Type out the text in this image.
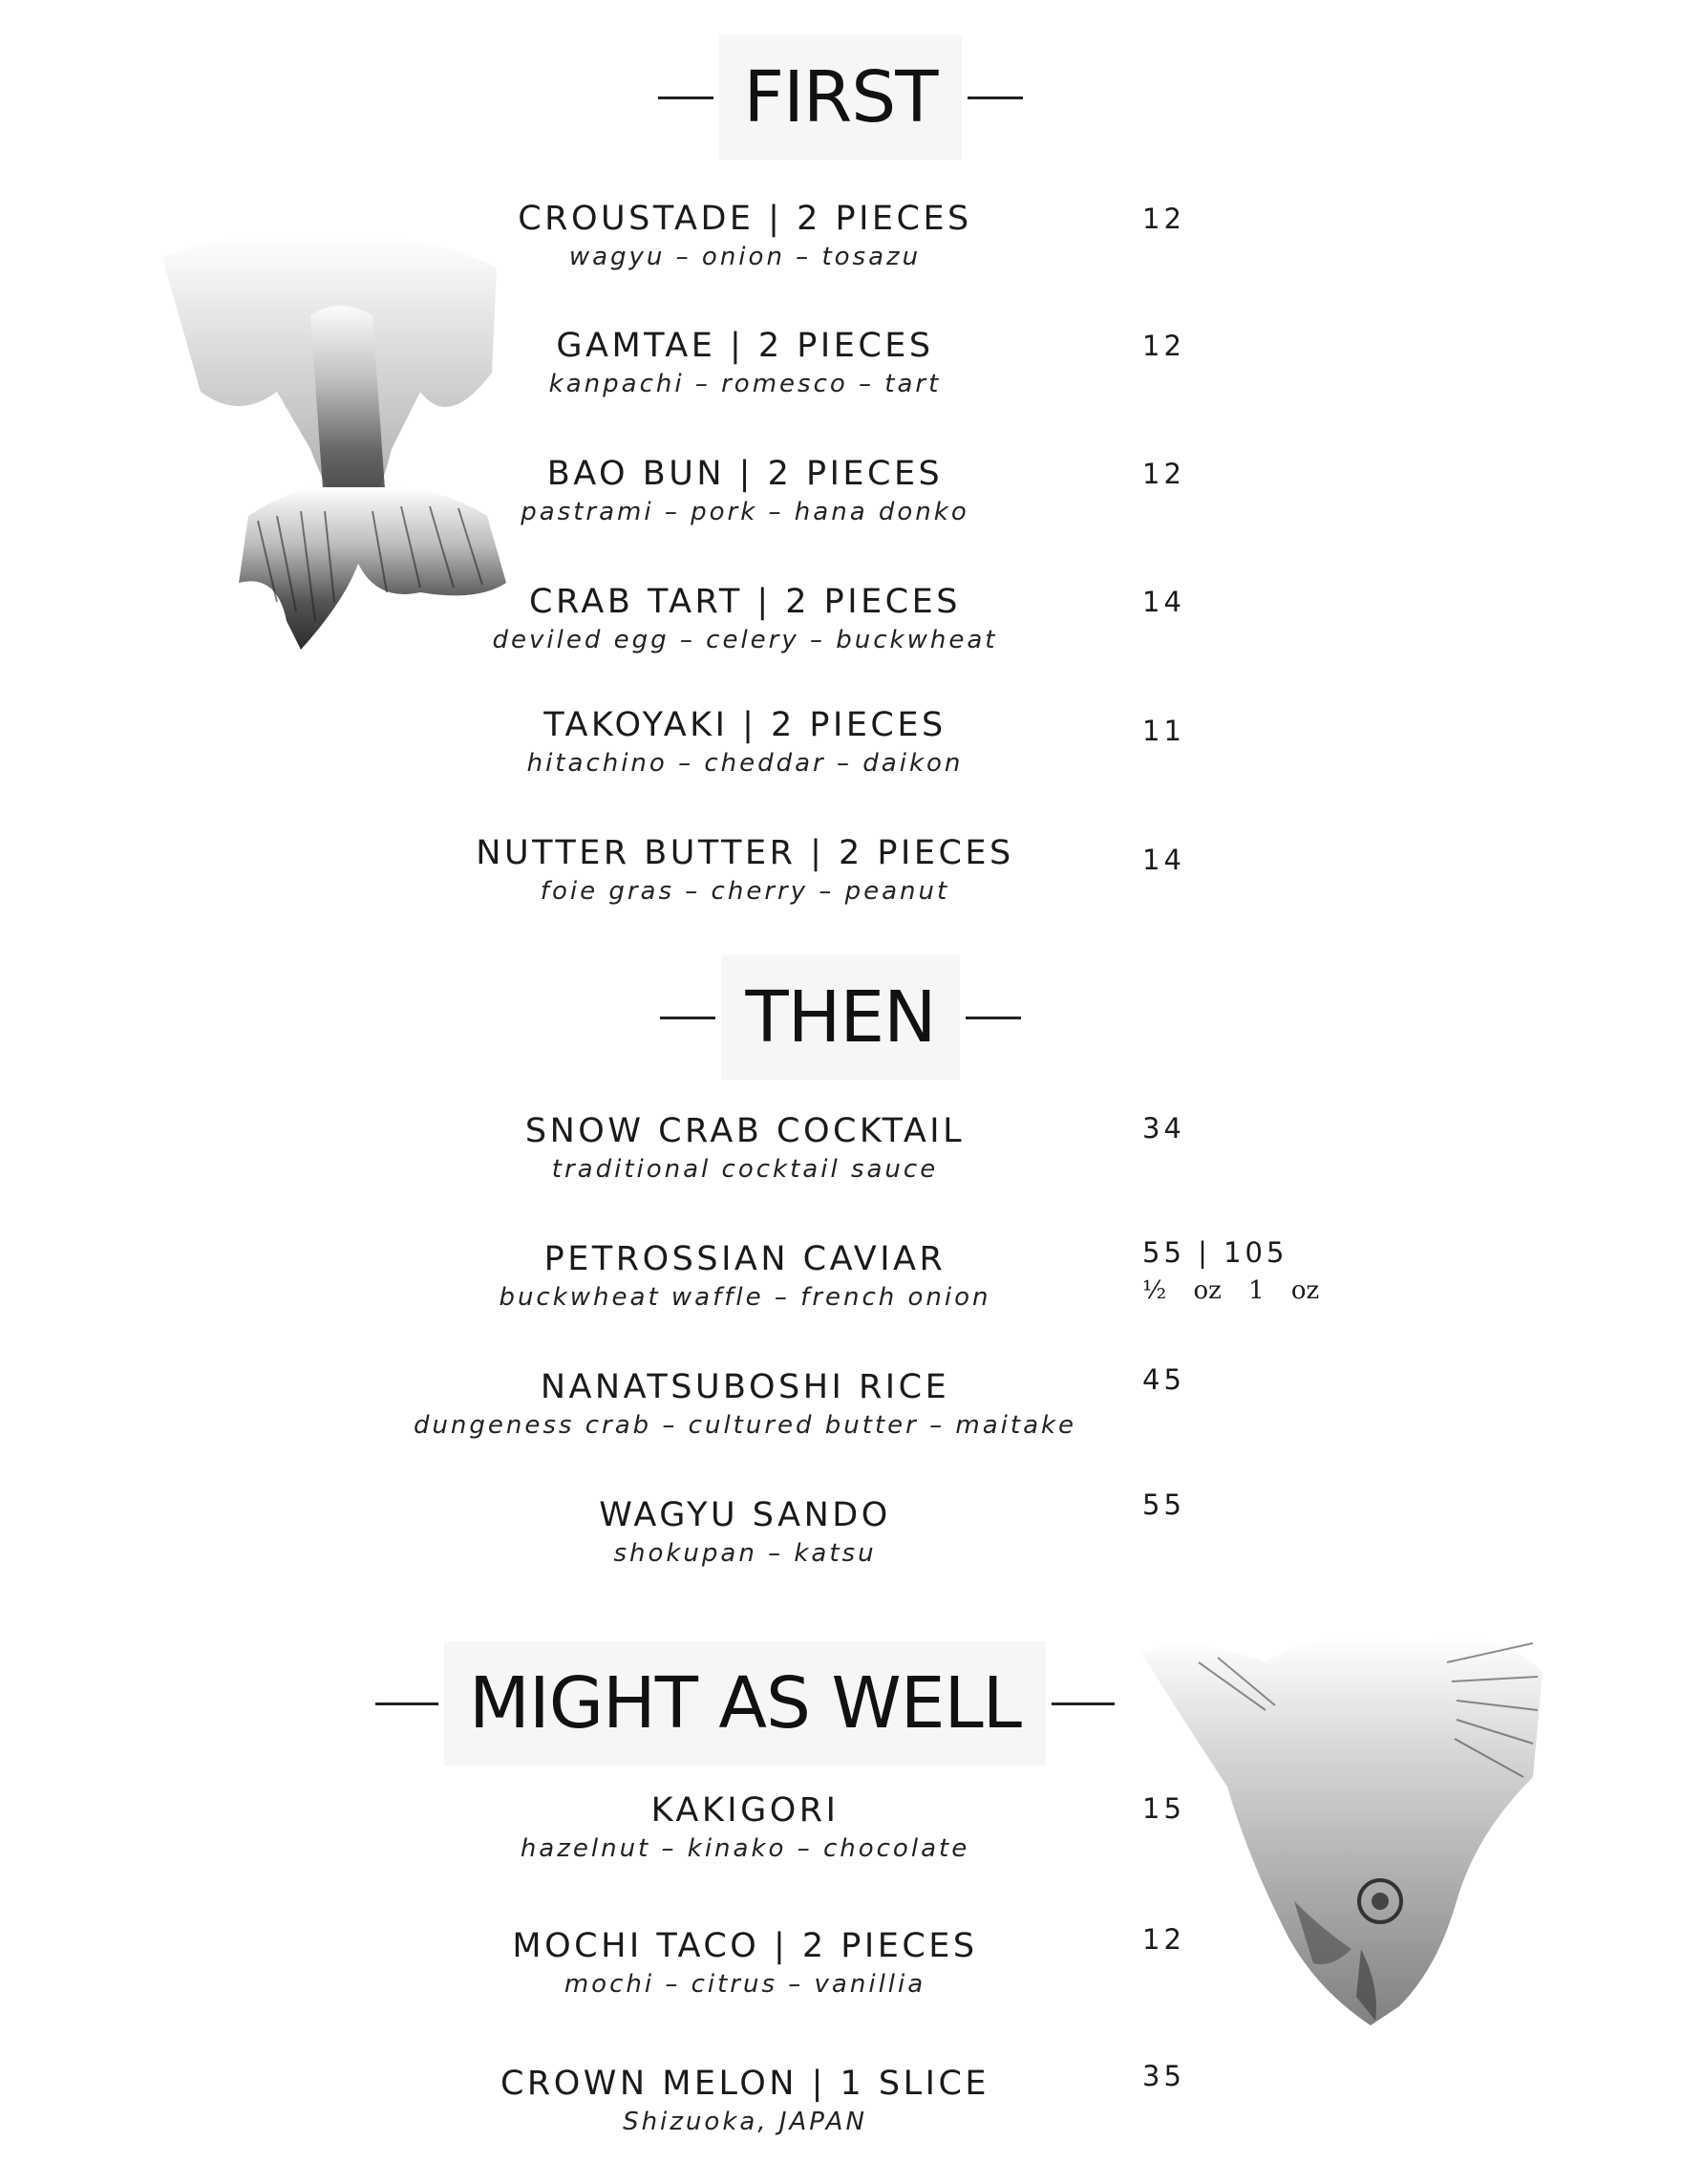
FIRST
CROUSTADE | 2 PIECES
wagyu – onion – tosazu
12
GAMTAE | 2 PIECES
kanpachi – romesco – tart
12
BAO BUN | 2 PIECES
pastrami – pork – hana donko
12
CRAB TART | 2 PIECES
deviled egg – celery – buckwheat
14
TAKOYAKI | 2 PIECES
hitachino – cheddar – daikon
11
NUTTER BUTTER | 2 PIECES
foie gras – cherry – peanut
14
THEN
SNOW CRAB COCKTAIL
traditional cocktail sauce
34
PETROSSIAN CAVIAR
buckwheat waffle – french onion
55 | 105
½ oz 1 oz
NANATSUBOSHI RICE
dungeness crab – cultured butter – maitake
45
WAGYU SANDO
shokupan – katsu
55
MIGHT AS WELL
KAKIGORI
hazelnut – kinako – chocolate
15
MOCHI TACO | 2 PIECES
mochi – citrus – vanillia
12
CROWN MELON | 1 SLICE
Shizuoka, JAPAN
35
